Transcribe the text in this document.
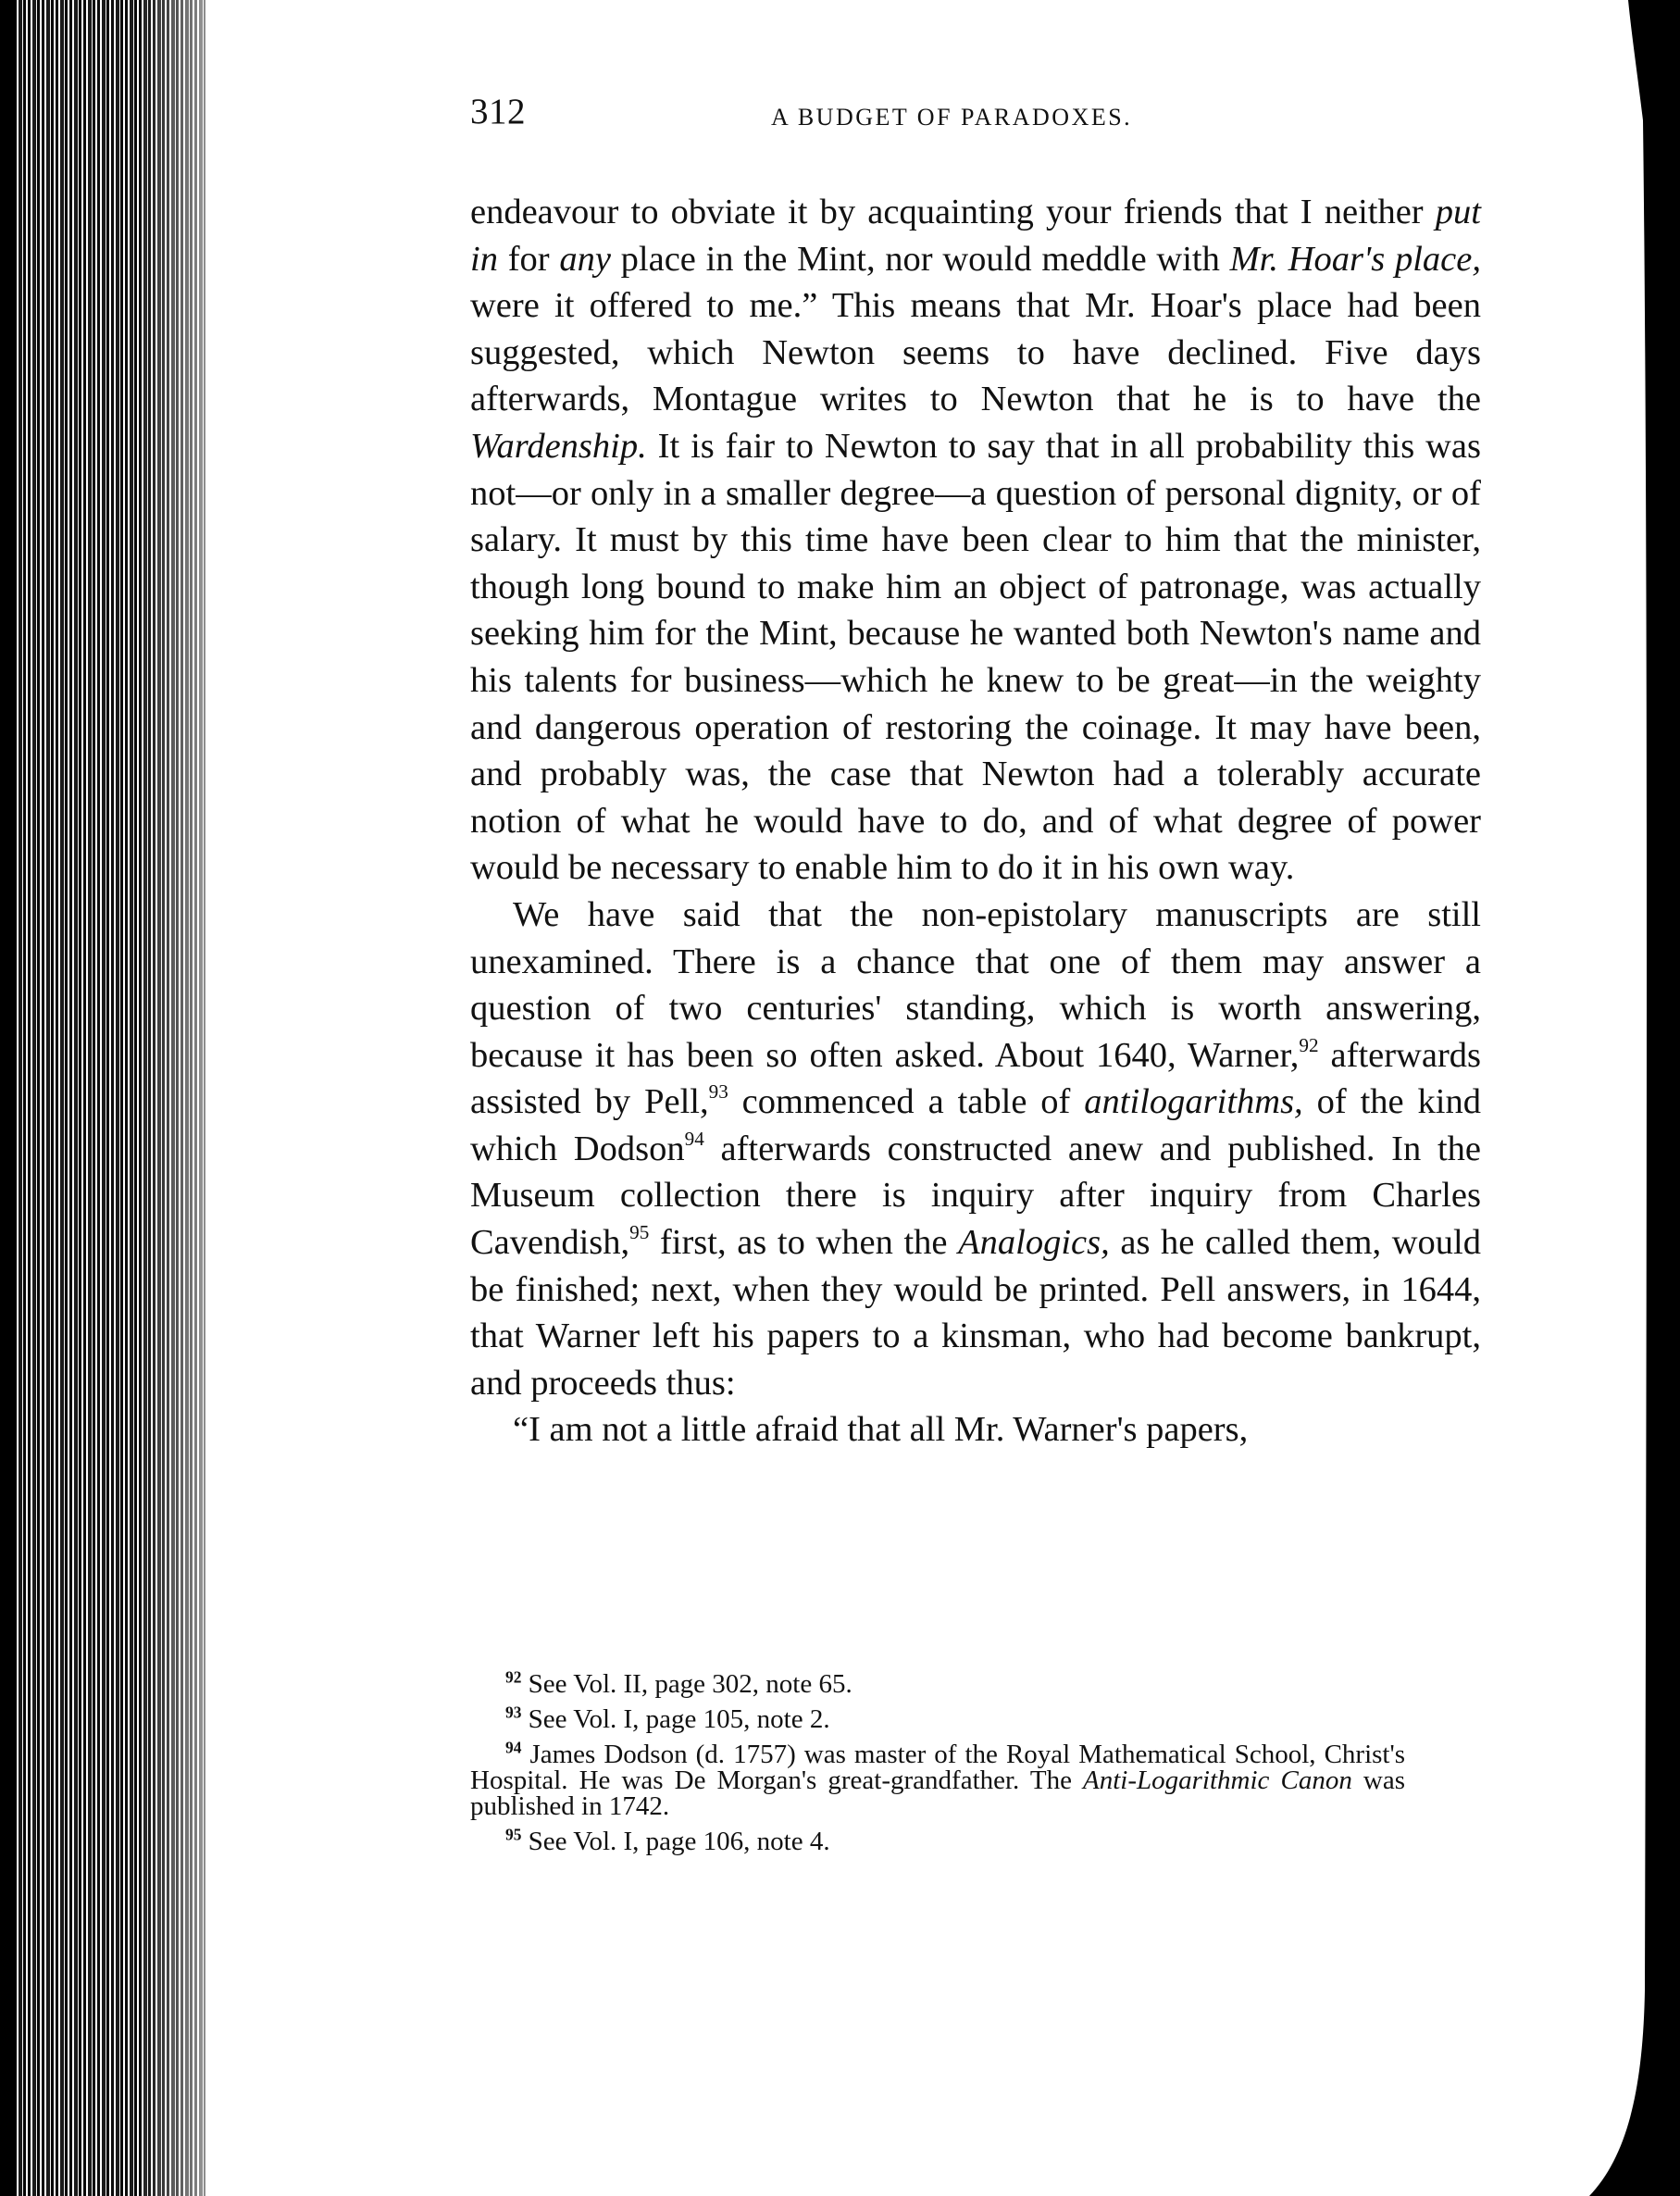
312	A BUDGET OF PARADOXES.

endeavour to obviate it by acquainting your friends that I neither put in for any place in the Mint, nor would meddle with Mr. Hoar's place, were it offered to me.” This means that Mr. Hoar's place had been suggested, which Newton seems to have declined. Five days afterwards, Montague writes to Newton that he is to have the Wardenship. It is fair to Newton to say that in all probability this was not—or only in a smaller degree—a question of personal dignity, or of salary. It must by this time have been clear to him that the minister, though long bound to make him an object of patronage, was actually seeking him for the Mint, because he wanted both Newton's name and his talents for business—which he knew to be great—in the weighty and dangerous operation of restoring the coinage. It may have been, and probably was, the case that Newton had a tolerably accurate notion of what he would have to do, and of what degree of power would be necessary to enable him to do it in his own way.

We have said that the non-epistolary manuscripts are still unexamined. There is a chance that one of them may answer a question of two centuries' standing, which is worth answering, because it has been so often asked. About 1640, Warner,$^{92}$ afterwards assisted by Pell,$^{93}$ commenced a table of antilogarithms, of the kind which Dodson$^{94}$ afterwards constructed anew and published. In the Museum collection there is inquiry after inquiry from Charles Cavendish,$^{95}$ first, as to when the Analogics, as he called them, would be finished; next, when they would be printed. Pell answers, in 1644, that Warner left his papers to a kinsman, who had become bankrupt, and proceeds thus:

“I am not a little afraid that all Mr. Warner's papers,

$^{92}$ See Vol. II, page 302, note 65.

$^{93}$ See Vol. I, page 105, note 2.

$^{94}$ James Dodson (d. 1757) was master of the Royal Mathematical School, Christ's Hospital. He was De Morgan's great-grandfather. The Anti-Logarithmic Canon was published in 1742.

$^{95}$ See Vol. I, page 106, note 4.
